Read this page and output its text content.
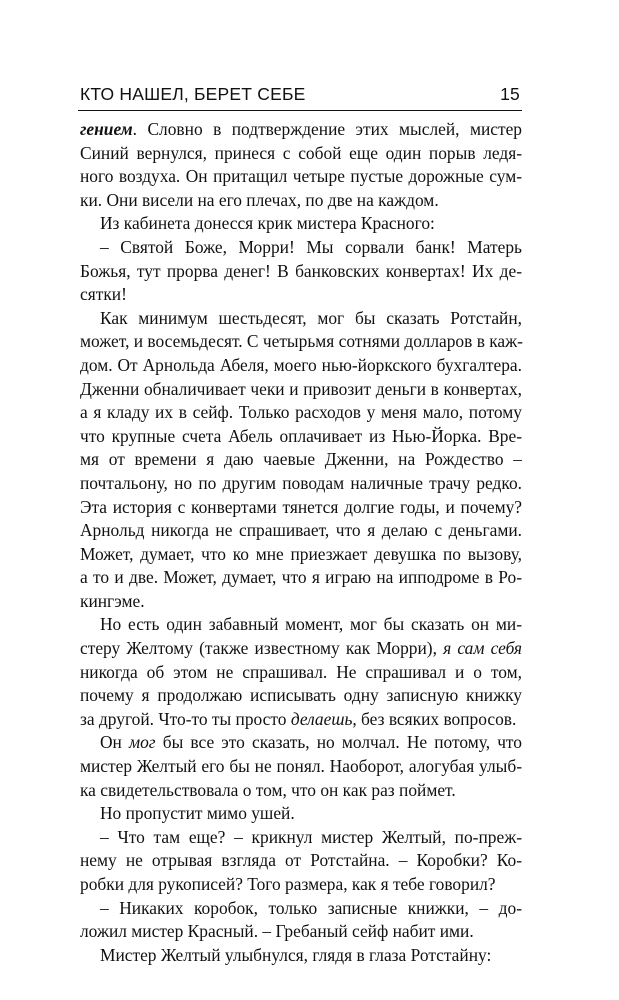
КТО НАШЕЛ, БЕРЕТ СЕБЕ	15
гением. Словно в подтверждение этих мыслей, мистер
Синий вернулся, принеся с собой еще один порыв ледя-
ного воздуха. Он притащил четыре пустые дорожные сум-
ки. Они висели на его плечах, по две на каждом.
Из кабинета донесся крик мистера Красного:
– Святой Боже, Морри! Мы сорвали банк! Матерь
Божья, тут прорва денег! В банковских конвертах! Их де-
сятки!
Как минимум шестьдесят, мог бы сказать Ротстайн,
может, и восемьдесят. С четырьмя сотнями долларов в каж-
дом. От Арнольда Абеля, моего нью-йоркского бухгалтера.
Дженни обналичивает чеки и привозит деньги в конвертах,
а я кладу их в сейф. Только расходов у меня мало, потому
что крупные счета Абель оплачивает из Нью-Йорка. Вре-
мя от времени я даю чаевые Дженни, на Рождество –
почтальону, но по другим поводам наличные трачу редко.
Эта история с конвертами тянется долгие годы, и почему?
Арнольд никогда не спрашивает, что я делаю с деньгами.
Может, думает, что ко мне приезжает девушка по вызову,
а то и две. Может, думает, что я играю на ипподроме в Ро-
кингэме.
Но есть один забавный момент, мог бы сказать он ми-
стеру Желтому (также известному как Морри), я сам себя
никогда об этом не спрашивал. Не спрашивал и о том,
почему я продолжаю исписывать одну записную книжку
за другой. Что-то ты просто делаешь, без всяких вопросов.
Он мог бы все это сказать, но молчал. Не потому, что
мистер Желтый его бы не понял. Наоборот, алогубая улыб-
ка свидетельствовала о том, что он как раз поймет.
Но пропустит мимо ушей.
– Что там еще? – крикнул мистер Желтый, по-преж-
нему не отрывая взгляда от Ротстайна. – Коробки? Ко-
робки для рукописей? Того размера, как я тебе говорил?
– Никаких коробок, только записные книжки, – до-
ложил мистер Красный. – Гребаный сейф набит ими.
Мистер Желтый улыбнулся, глядя в глаза Ротстайну:
